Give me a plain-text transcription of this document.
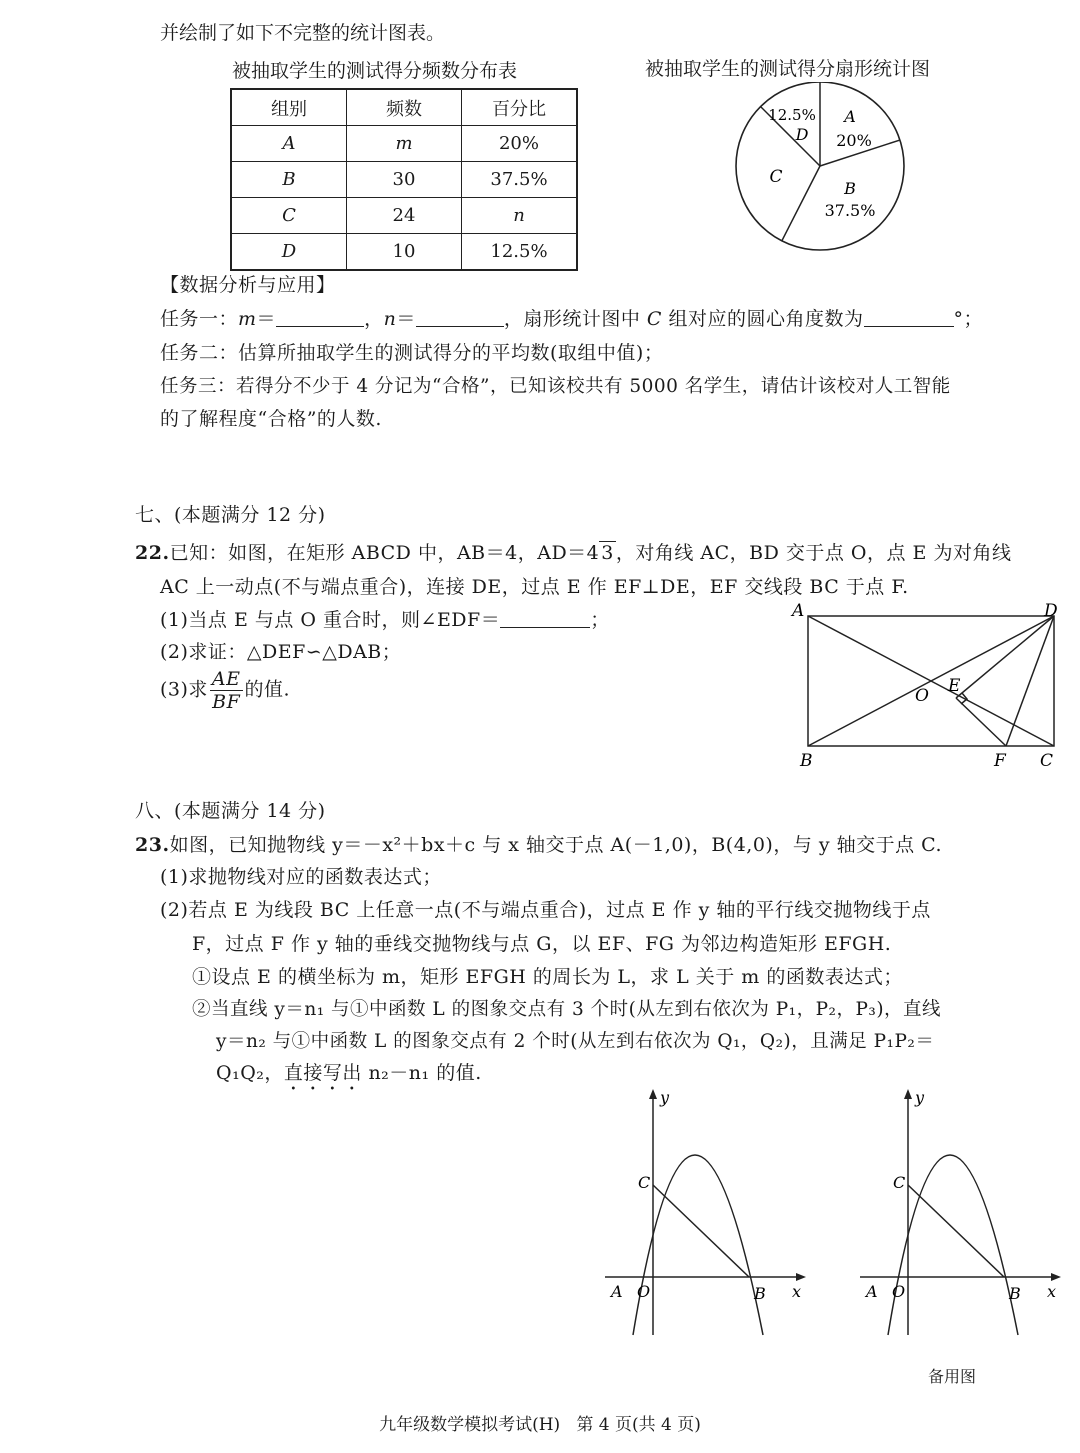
并绘制了如下不完整的统计图表。
被抽取学生的测试得分频数分布表
组别	频数	百分比
A	m	20%
B	30	37.5%
C	24	n
D	10	12.5%
被抽取学生的测试得分扇形统计图
A
20%
B
37.5%
C
12.5%
D
【数据分析与应用】
任务一：m＝	，n＝	，扇形统计图中 C 组对应的圆心角度数为	°；
任务二：估算所抽取学生的测试得分的平均数(取组中值)；
任务三：若得分不少于 4 分记为“合格”，已知该校共有 5000 名学生，请估计该校对人工智能
的了解程度“合格”的人数.
七、(本题满分 12 分)
22.已知：如图，在矩形 ABCD 中，AB＝4，AD＝4 3 ，对角线 AC，BD 交于点 O，点 E 为对角线
AC 上一动点(不与端点重合)，连接 DE，过点 E 作 EF⊥DE，EF 交线段 BC 于点 F.
(1)当点 E 与点 O 重合时，则∠EDF＝	；
(2)求证：△DEF∽△DAB；
(3)求 $\frac{AE}{BF}$ 的值.
A	D
B	C
O E
F
八、(本题满分 14 分)
23.如图，已知抛物线 y＝－x²＋bx＋c 与 x 轴交于点 A(－1,0)，B(4,0)，与 y 轴交于点 C.
(1)求抛物线对应的函数表达式；
(2)若点 E 为线段 BC 上任意一点(不与端点重合)，过点 E 作 y 轴的平行线交抛物线于点
F，过点 F 作 y 轴的垂线交抛物线与点 G，以 EF、FG 为邻边构造矩形 EFGH.
①设点 E 的横坐标为 m，矩形 EFGH 的周长为 L，求 L 关于 m 的函数表达式；
②当直线 y＝n₁ 与①中函数 L 的图象交点有 3 个时(从左到右依次为 P₁，P₂，P₃)，直线
y＝n₂ 与①中函数 L 的图象交点有 2 个时(从左到右依次为 Q₁，Q₂)，且满足 P₁P₂＝
Q₁Q₂，直接写出 n₂－n₁ 的值.
y
x
A O	B
C
y
x
A O	B
C
备用图
九年级数学模拟考试(H)   第 4 页(共 4 页)
